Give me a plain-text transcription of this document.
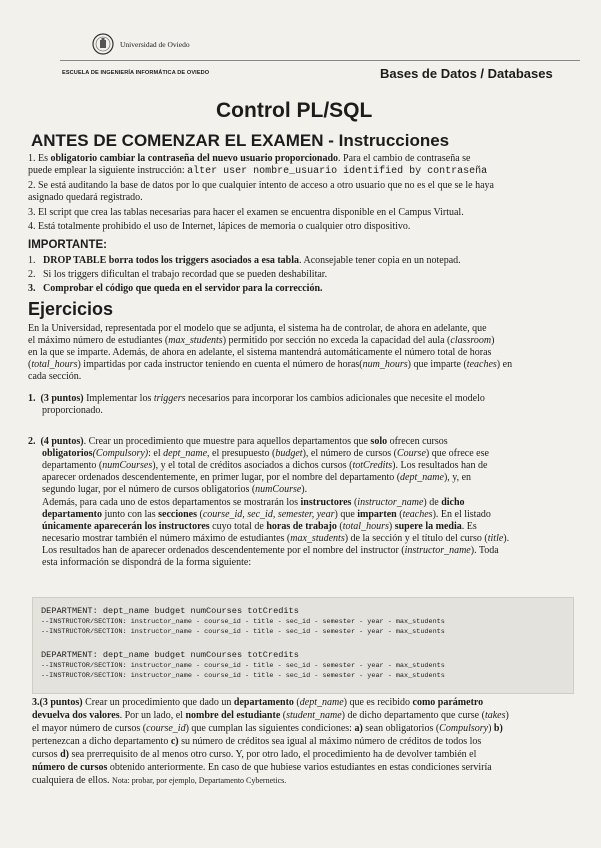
Universidad de Oviedo
ESCUELA DE INGENIERÍA INFORMÁTICA DE OVIEDO	Bases de Datos / Databases
Control PL/SQL
ANTES DE COMENZAR EL EXAMEN - Instrucciones
1. Es obligatorio cambiar la contraseña del nuevo usuario proporcionado. Para el cambio de contraseña se
puede emplear la siguiente instrucción: alter user nombre_usuario identified by contraseña
2. Se está auditando la base de datos por lo que cualquier intento de acceso a otro usuario que no es el que se le haya
asignado quedará registrado.
3. El script que crea las tablas necesarias para hacer el examen se encuentra disponible en el Campus Virtual.
4. Está totalmente prohibido el uso de Internet, lápices de memoria o cualquier otro dispositivo.
IMPORTANTE:
1. DROP TABLE borra todos los triggers asociados a esa tabla. Aconsejable tener copia en un notepad.
2. Si los triggers dificultan el trabajo recordad que se pueden deshabilitar.
3. Comprobar el código que queda en el servidor para la corrección.
Ejercicios
En la Universidad, representada por el modelo que se adjunta, el sistema ha de controlar, de ahora en adelante, que
el máximo número de estudiantes (max_students) permitido por sección no exceda la capacidad del aula (classroom)
en la que se imparte. Además, de ahora en adelante, el sistema mantendrá automáticamente el número total de horas
(total_hours) impartidas por cada instructor teniendo en cuenta el número de horas(num_hours) que imparte (teaches) en
cada sección.
1. (3 puntos) Implementar los triggers necesarios para incorporar los cambios adicionales que necesite el modelo
proporcionado.
2. (4 puntos). Crear un procedimiento que muestre para aquellos departamentos que solo ofrecen cursos
obligatorios(Compulsory): el dept_name, el presupuesto (budget), el número de cursos (Course) que ofrece ese
departamento (numCourses), y el total de créditos asociados a dichos cursos (totCredits). Los resultados han de
aparecer ordenados descendentemente, en primer lugar, por el nombre del departamento (dept_name), y, en
segundo lugar, por el número de cursos obligatorios (numCourse).
Además, para cada uno de estos departamentos se mostrarán los instructores (instructor_name) de dicho
departamento junto con las secciones (course_id, sec_id, semester, year) que imparten (teaches). En el listado
únicamente aparecerán los instructores cuyo total de horas de trabajo (total_hours) supere la media. Es
necesario mostrar también el número máximo de estudiantes (max_students) de la sección y el título del curso (title).
Los resultados han de aparecer ordenados descendentemente por el nombre del instructor (instructor_name). Toda
esta información se dispondrá de la forma siguiente:
DEPARTMENT: dept_name budget numCourses totCredits
--INSTRUCTOR/SECTION: instructor_name - course_id - title - sec_id - semester - year - max_students
--INSTRUCTOR/SECTION: instructor_name - course_id - title - sec_id - semester - year - max_students
DEPARTMENT: dept_name budget numCourses totCredits
--INSTRUCTOR/SECTION: instructor_name - course_id - title - sec_id - semester - year - max_students
--INSTRUCTOR/SECTION: instructor_name - course_id - title - sec_id - semester - year - max_students
3.(3 puntos) Crear un procedimiento que dado un departamento (dept_name) que es recibido como parámetro
devuelva dos valores. Por un lado, el nombre del estudiante (student_name) de dicho departamento que curse (takes)
el mayor número de cursos (course_id) que cumplan las siguientes condiciones: a) sean obligatorios (Compulsory) b)
pertenezcan a dicho departamento c) su número de créditos sea igual al máximo número de créditos de todos los
cursos d) sea prerrequisito de al menos otro curso. Y, por otro lado, el procedimiento ha de devolver también el
número de cursos obtenido anteriormente. En caso de que hubiese varios estudiantes en estas condiciones serviría
cualquiera de ellos. Nota: probar, por ejemplo, Departamento Cybernetics.
